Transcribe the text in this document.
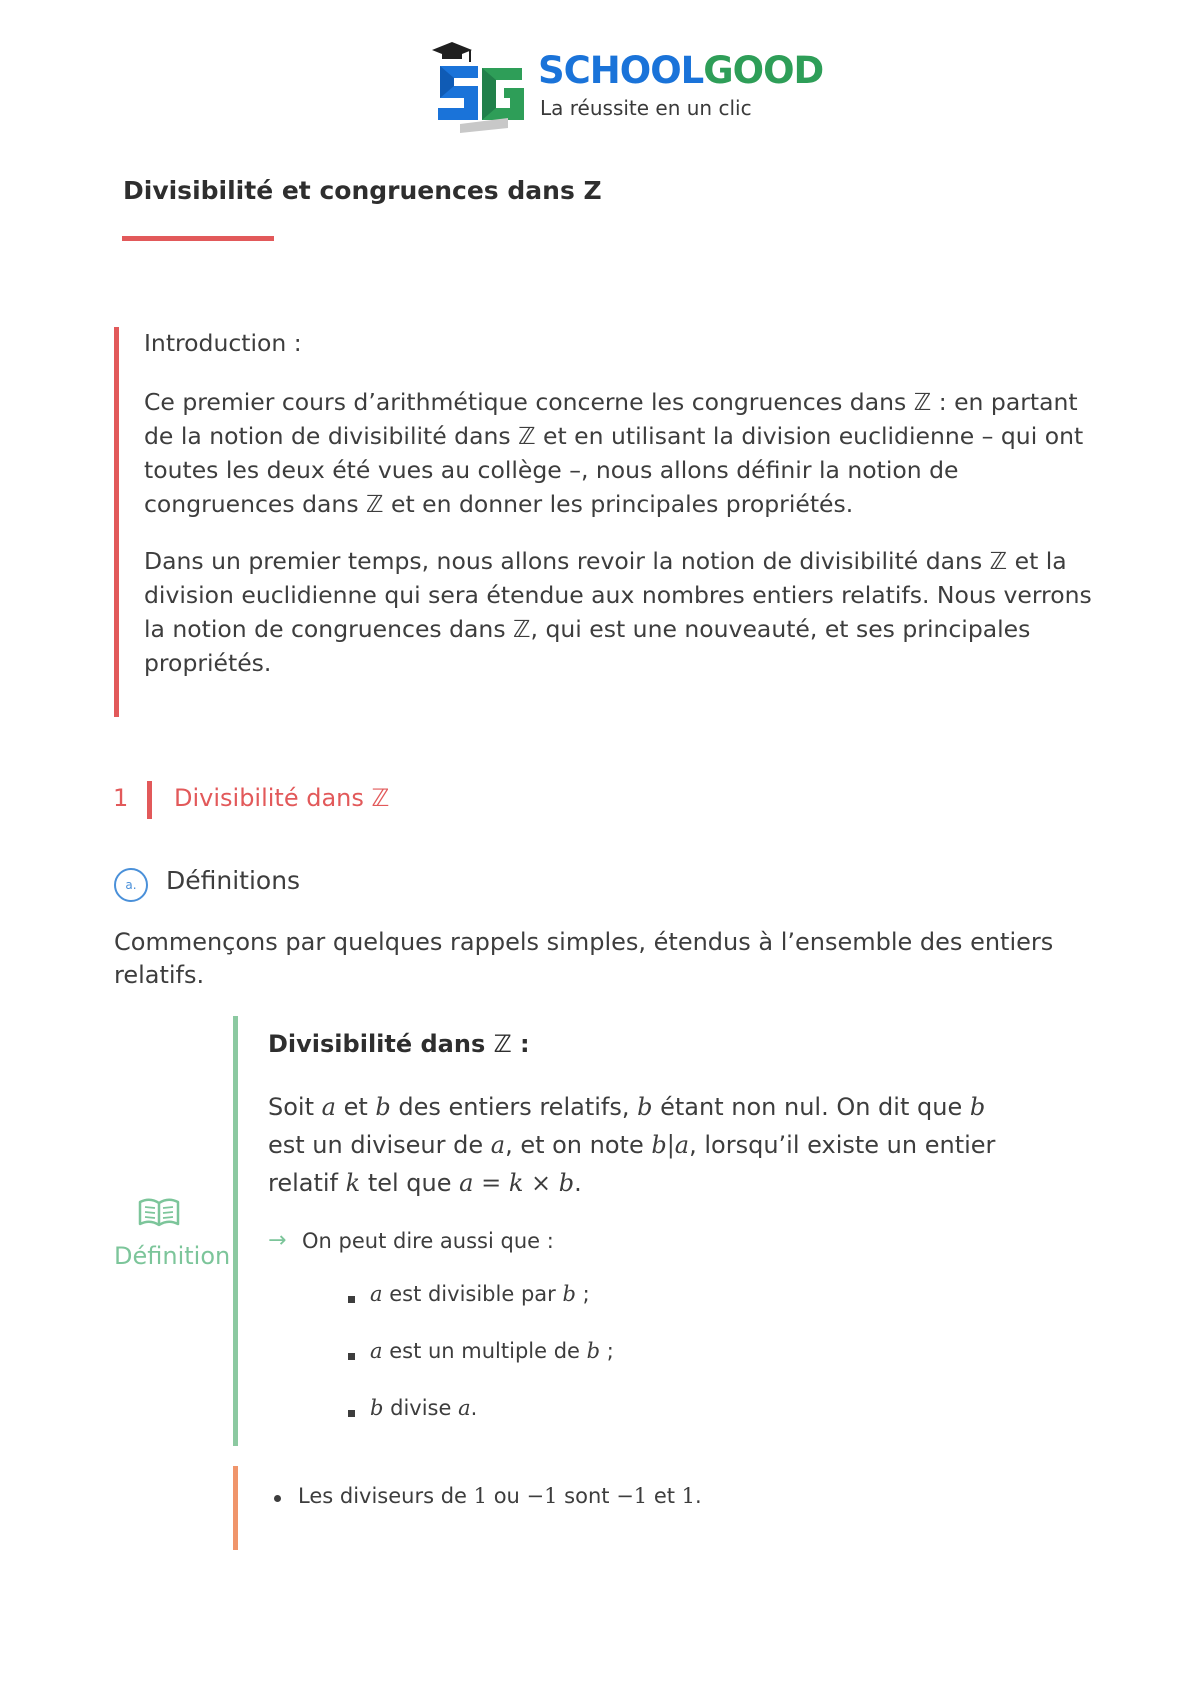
SCHOOLGOOD
La réussite en un clic
Divisibilité et congruences dans Z

Introduction :

Ce premier cours d’arithmétique concerne les congruences dans ℤ : en partant de la notion de divisibilité dans ℤ et en utilisant la division euclidienne – qui ont toutes les deux été vues au collège –, nous allons définir la notion de congruences dans ℤ et en donner les principales propriétés.

Dans un premier temps, nous allons revoir la notion de divisibilité dans ℤ et la division euclidienne qui sera étendue aux nombres entiers relatifs. Nous verrons la notion de congruences dans ℤ, qui est une nouveauté, et ses principales propriétés.

1 Divisibilité dans ℤ
a.	Définitions
Commençons par quelques rappels simples, étendus à l’ensemble des entiers relatifs.
Définition
Divisibilité dans ℤ :
Soit a et b des entiers relatifs, b étant non nul. On dit que b
est un diviseur de a, et on note b|a, lorsqu’il existe un entier
relatif k tel que a = k × b.
→ On peut dire aussi que :
a est divisible par b ;
a est un multiple de b ;
b divise a.
Les diviseurs de 1 ou −1 sont −1 et 1.
